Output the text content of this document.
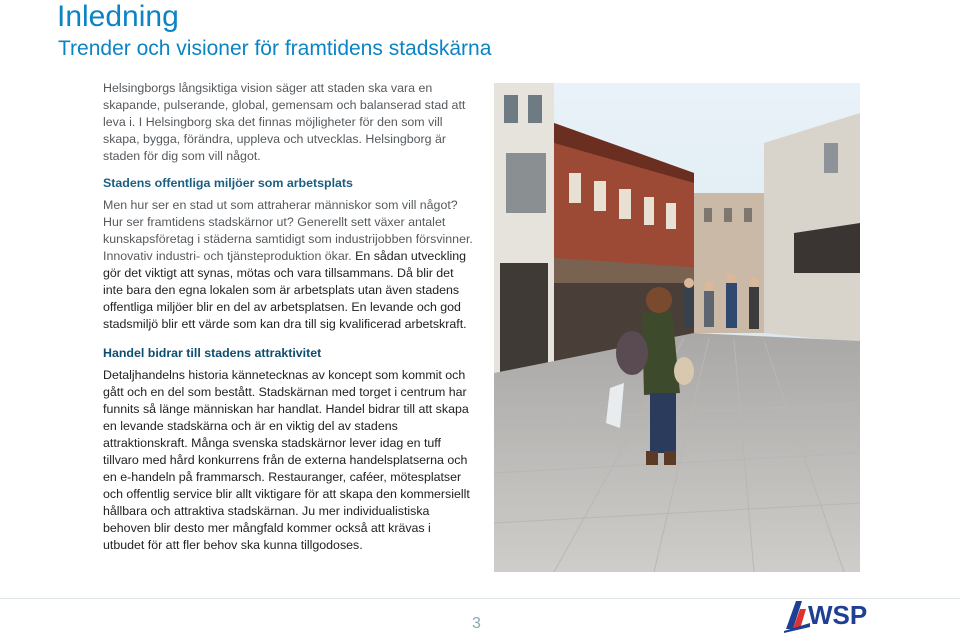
Inledning
Trender och visioner för framtidens stadskärna

Helsingborgs långsiktiga vision säger att staden ska vara en skapande, pulserande, global, gemensam och balanserad stad att leva i. I Helsingborg ska det finnas möjligheter för den som vill skapa, bygga, förändra, uppleva och utvecklas. Helsingborg är staden för dig som vill något.

Stadens offentliga miljöer som arbetsplats

Men hur ser en stad ut som attraherar människor som vill något? Hur ser framtidens stadskärnor ut? Generellt sett växer antalet kunskapsföretag i städerna samtidigt som industrijobben försvinner. Innovativ industri- och tjänsteproduktion ökar. En sådan utveckling gör det viktigt att synas, mötas och vara tillsammans. Då blir det inte bara den egna lokalen som är arbetsplats utan även stadens offentliga miljöer blir en del av arbetsplatsen. En levande och god stadsmiljö blir ett värde som kan dra till sig kvalificerad arbetskraft.

Handel bidrar till stadens attraktivitet

Detaljhandelns historia kännetecknas av koncept som kommit och gått och en del som bestått. Stadskärnan med torget i centrum har funnits så länge människan har handlat. Handel bidrar till att skapa en levande stadskärna och är en viktig del av stadens attraktionskraft. Många svenska stadskärnor lever idag en tuff tillvaro med hård konkurrens från de externa handelsplatserna och en e-handeln på frammarsch. Restauranger, caféer, mötesplatser och offentlig service blir allt viktigare för att skapa den kommersiellt hållbara och attraktiva stadskärnan. Ju mer individualistiska behoven blir desto mer mångfald kommer också att krävas i utbudet för att fler behov ska kunna tillgodoses.

3	WSP
